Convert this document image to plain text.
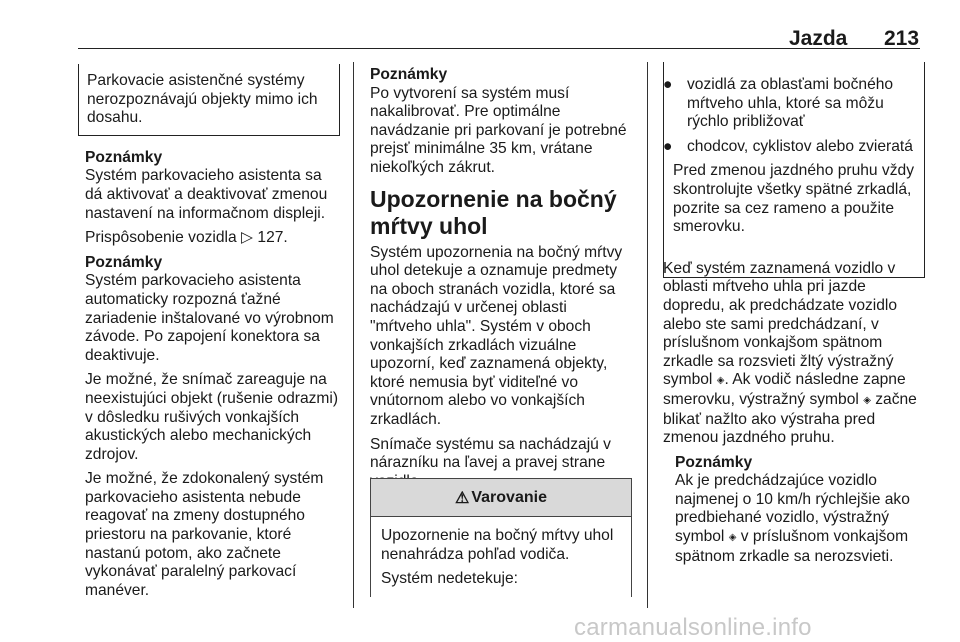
Jazda 213
Parkovacie asistenčné systémy nerozpoznávajú objekty mimo ich dosahu.
Poznámky

Systém parkovacieho asistenta sa dá aktivovať a deaktivovať zmenou nastavení na informačnom displeji.

Prispôsobenie vozidla ▷ 127.

Poznámky

Systém parkovacieho asistenta automaticky rozpozná ťažné zariadenie inštalované vo výrobnom závode. Po zapojení konektora sa deaktivuje.

Je možné, že snímač zareaguje na neexistujúci objekt (rušenie odrazmi) v dôsledku rušivých vonkajších akustických alebo mechanických zdrojov.

Je možné, že zdokonalený systém parkovacieho asistenta nebude reagovať na zmeny dostupného priestoru na parkovanie, ktoré nastanú potom, ako začnete vykonávať paralelný parkovací manéver.

Poznámky

Po vytvorení sa systém musí nakalibrovať. Pre optimálne navádzanie pri parkovaní je potrebné prejsť minimálne 35 km, vrátane niekoľkých zákrut.

Upozornenie na bočný mŕtvy uhol

Systém upozornenia na bočný mŕtvy uhol detekuje a oznamuje predmety na oboch stranách vozidla, ktoré sa nachádzajú v určenej oblasti "mŕtveho uhla". Systém v oboch vonkajších zrkadlách vizuálne upozorní, keď zaznamená objekty, ktoré nemusia byť viditeľné vo vnútornom alebo vo vonkajších zrkadlách.

Snímače systému sa nachádzajú v nárazníku na ľavej a pravej strane

⚠ Varovanie

Upozornenie na bočný mŕtvy uhol nenahrádza pohľad vodiča.

Systém nedetekuje:

● vozidlá za oblasťami bočného mŕtveho uhla, ktoré sa môžu rýchlo približovať
● chodcov, cyklistov alebo zvieratá

Pred zmenou jazdného pruhu vždy skontrolujte všetky spätné zrkadlá, pozrite sa cez rameno a použite smerovku.

Keď systém zaznamená vozidlo v oblasti mŕtveho uhla pri jazde dopredu, ak predchádzate vozidlo alebo ste sami predchádzaní, v príslušnom vonkajšom spätnom zrkadle sa rozsvieti žltý výstražný symbol ◈. Ak vodič následne zapne smerovku, výstražný symbol ◈ začne blikať nažlto ako výstraha pred zmenou jazdného pruhu.

Poznámky

Ak je predchádzajúce vozidlo najmenej o 10 km/h rýchlejšie ako predbiehané vozidlo, výstražný symbol ◈ v príslušnom vonkajšom spätnom zrkadle sa nerozsvieti.

carmanualsonline.info
